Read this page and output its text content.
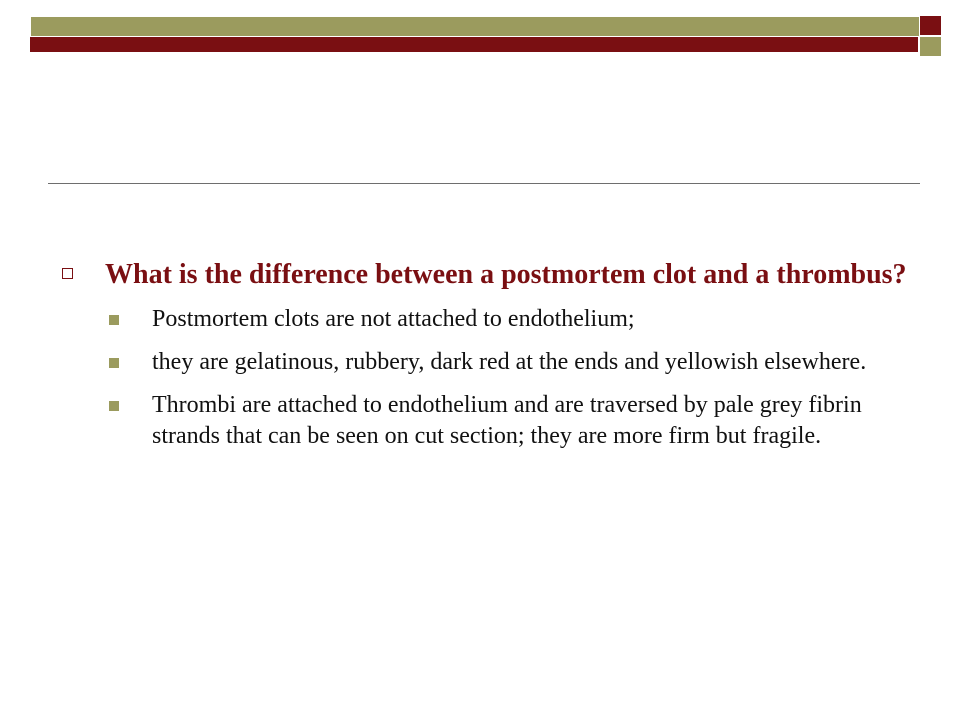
What is the difference between a postmortem clot and a thrombus?
Postmortem clots are not attached to endothelium;
they are gelatinous, rubbery, dark red at the ends and yellowish elsewhere.
Thrombi are attached to endothelium and are traversed by pale grey fibrin strands that can be seen on cut section; they are more firm but fragile.
